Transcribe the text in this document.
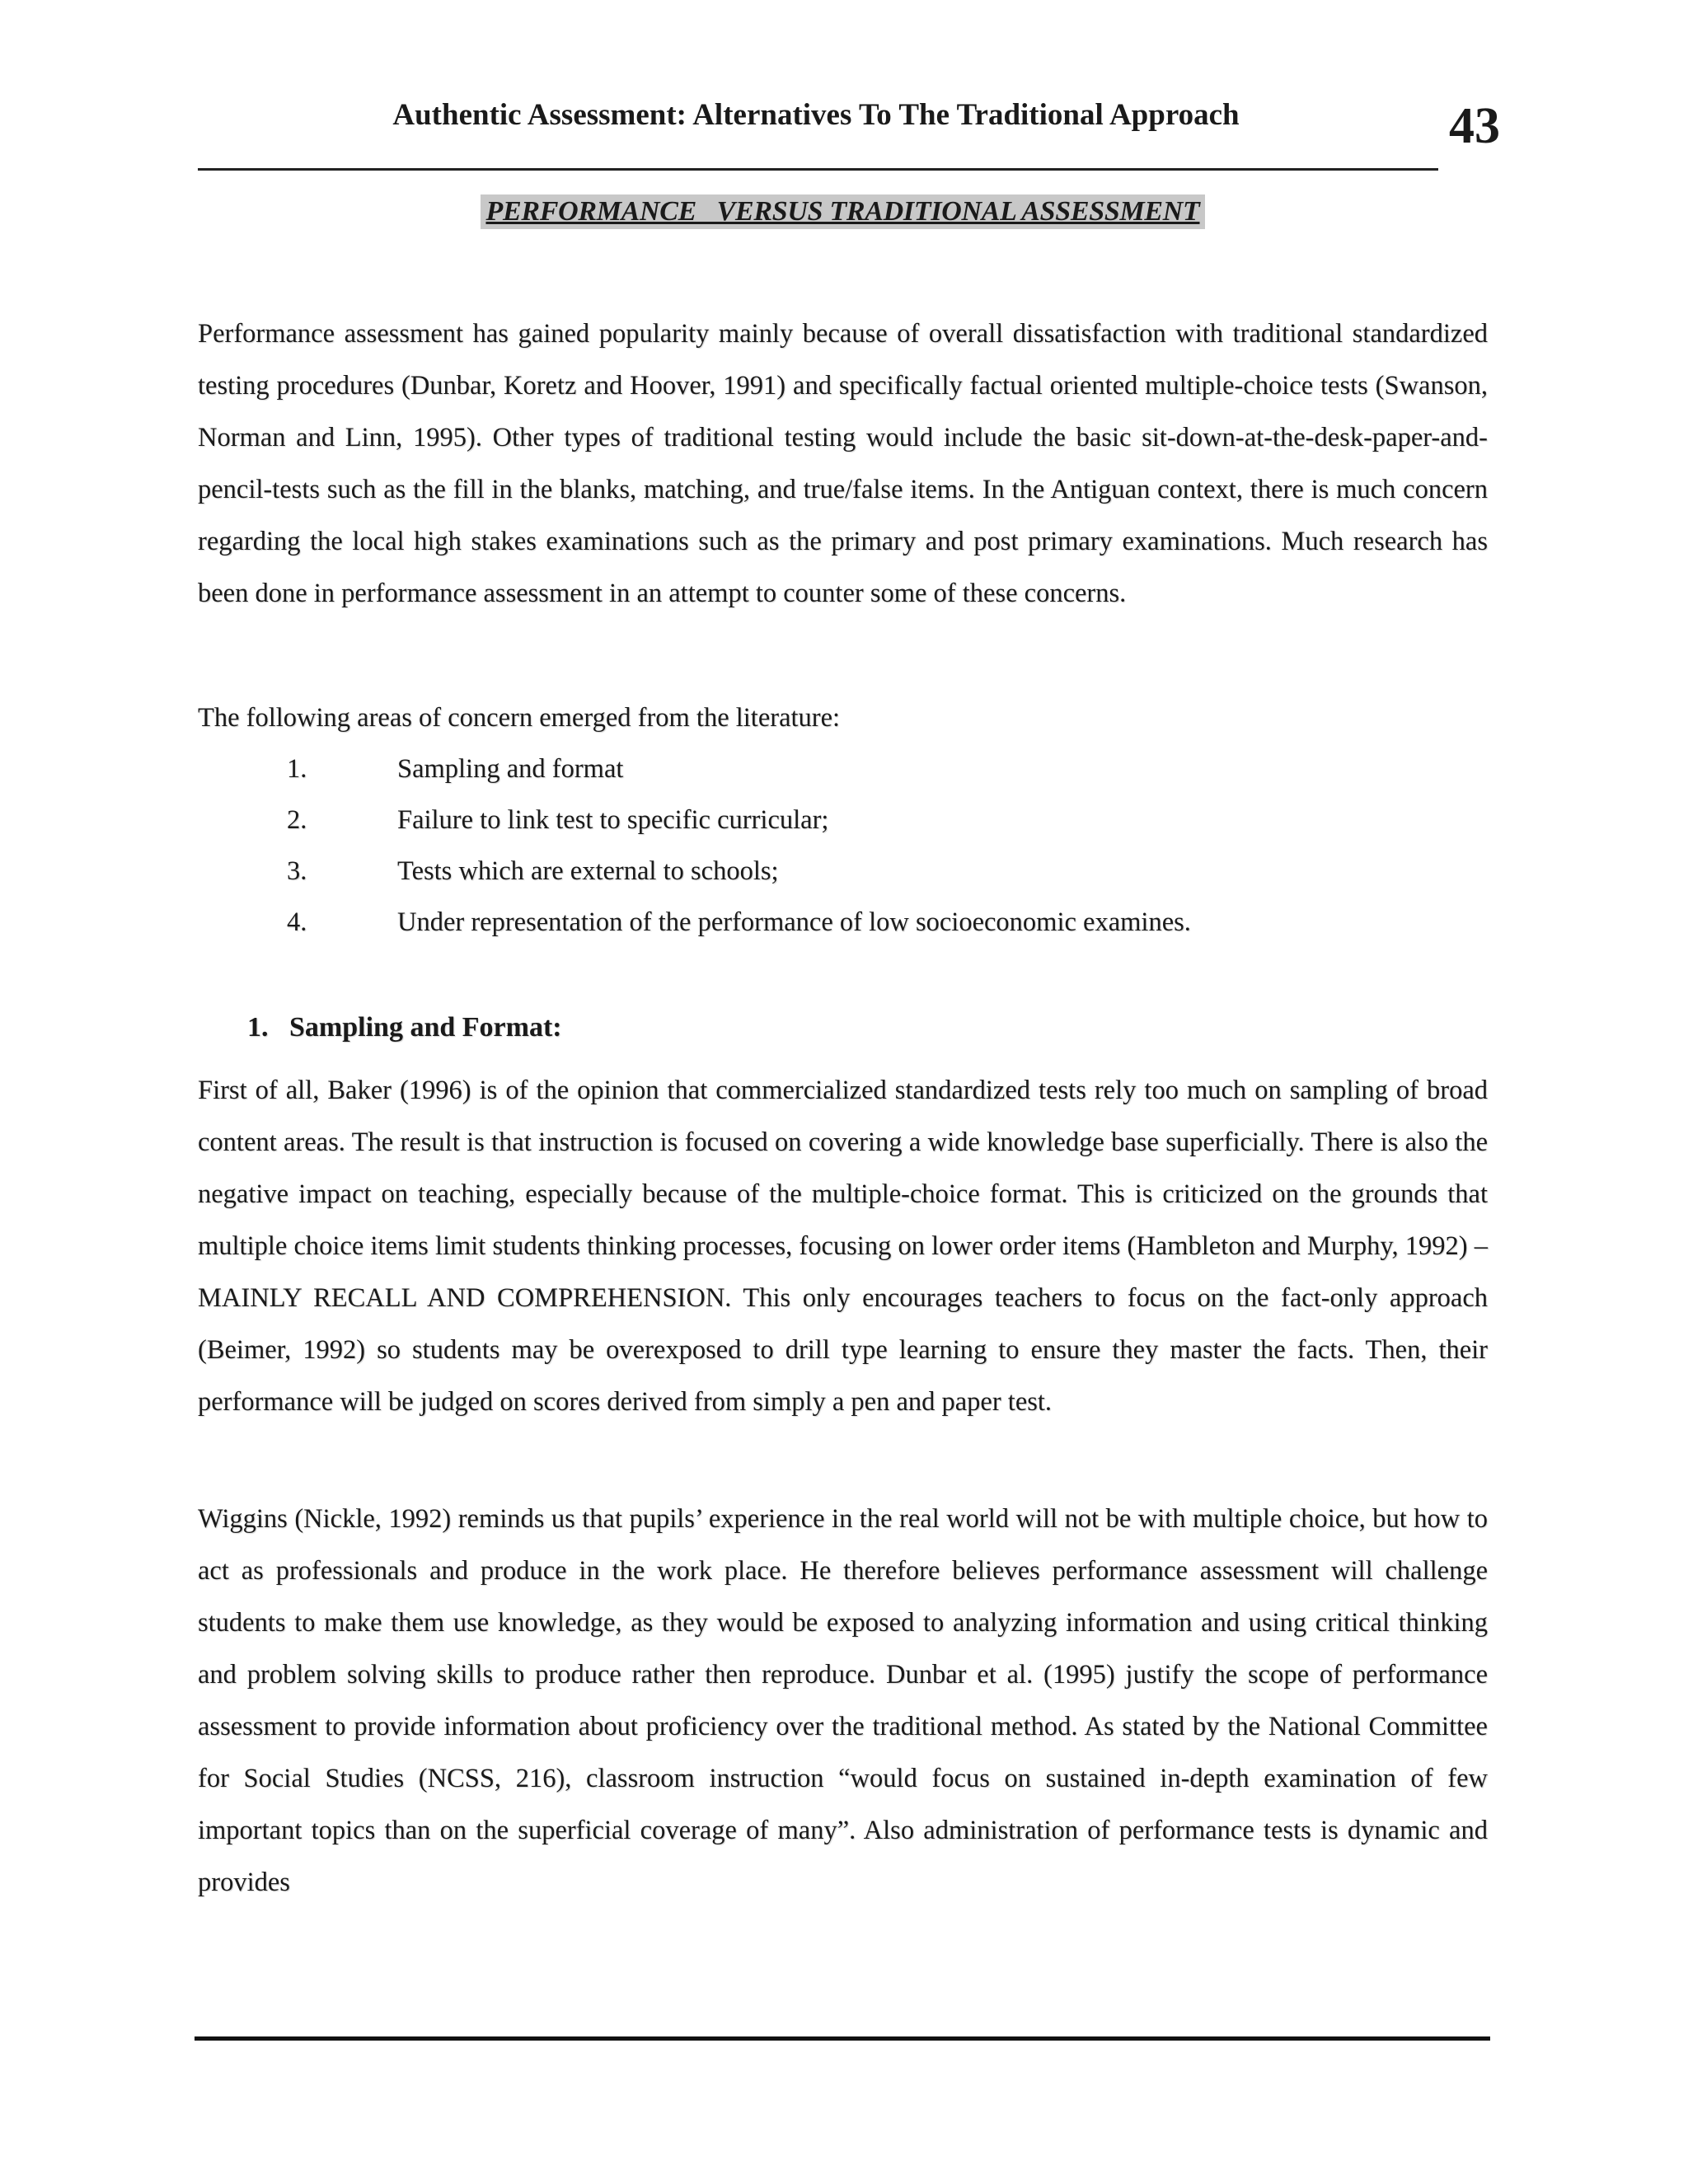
Authentic Assessment: Alternatives To The Traditional Approach	43
PERFORMANCE   VERSUS TRADITIONAL ASSESSMENT

Performance assessment has gained popularity mainly because of overall dissatisfaction with traditional standardized testing procedures (Dunbar, Koretz and Hoover, 1991) and specifically factual oriented multiple-choice tests (Swanson, Norman and Linn, 1995). Other types of traditional testing would include the basic sit-down-at-the-desk-paper-and-pencil-tests such as the fill in the blanks, matching, and true/false items. In the Antiguan context, there is much concern regarding the local high stakes examinations such as the primary and post primary examinations. Much research has been done in performance assessment in an attempt to counter some of these concerns.

The following areas of concern emerged from the literature:

1.	Sampling and format
2.	Failure to link test to specific curricular;
3.	Tests which are external to schools;
4.	Under representation of the performance of low socioeconomic examines.
1.   Sampling and Format:

First of all, Baker (1996) is of the opinion that commercialized standardized tests rely too much on sampling of broad content areas. The result is that instruction is focused on covering a wide knowledge base superficially. There is also the negative impact on teaching, especially because of the multiple-choice format. This is criticized on the grounds that multiple choice items limit students thinking processes, focusing on lower order items (Hambleton and Murphy, 1992) – MAINLY RECALL AND COMPREHENSION. This only encourages teachers to focus on the fact-only approach (Beimer, 1992) so students may be overexposed to drill type learning to ensure they master the facts. Then, their performance will be judged on scores derived from simply a pen and paper test.

Wiggins (Nickle, 1992) reminds us that pupils’ experience in the real world will not be with multiple choice, but how to act as professionals and produce in the work place. He therefore believes performance assessment will challenge students to make them use knowledge, as they would be exposed to analyzing information and using critical thinking and problem solving skills to produce rather then reproduce. Dunbar et al. (1995) justify the scope of performance assessment to provide information about proficiency over the traditional method. As stated by the National Committee for Social Studies (NCSS, 216), classroom instruction “would focus on sustained in-depth examination of few important topics than on the superficial coverage of many”. Also administration of performance tests is dynamic and provides
